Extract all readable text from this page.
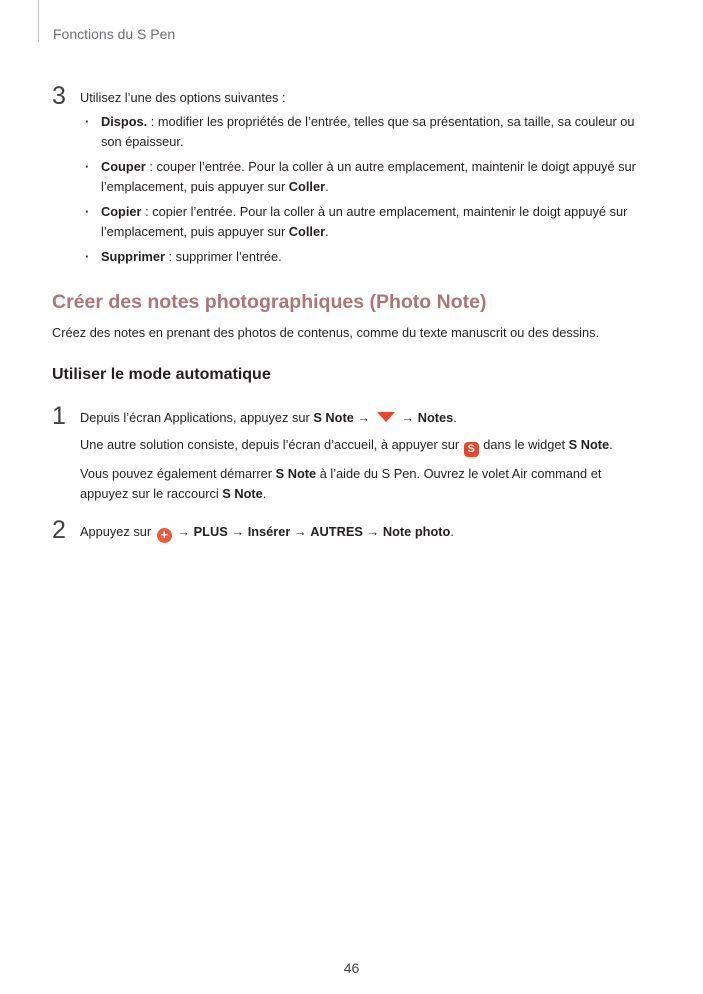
Fonctions du S Pen
3 Utilisez l’une des options suivantes :

· Dispos. : modifier les propriétés de l’entrée, telles que sa présentation, sa taille, sa couleur ou son épaisseur.
· Couper : couper l’entrée. Pour la coller à un autre emplacement, maintenir le doigt appuyé sur l’emplacement, puis appuyer sur Coller.
· Copier : copier l’entrée. Pour la coller à un autre emplacement, maintenir le doigt appuyé sur l’emplacement, puis appuyer sur Coller.
· Supprimer : supprimer l’entrée.
Créer des notes photographiques (Photo Note)

Créez des notes en prenant des photos de contenus, comme du texte manuscrit ou des dessins.

Utiliser le mode automatique
1 Depuis l’écran Applications, appuyez sur S Note →  → Notes.

Une autre solution consiste, depuis l’écran d’accueil, à appuyer sur S dans le widget S Note.

Vous pouvez également démarrer S Note à l’aide du S Pen. Ouvrez le volet Air command et appuyez sur le raccourci S Note.

2 Appuyez sur + → PLUS → Insérer → AUTRES → Note photo.

46
